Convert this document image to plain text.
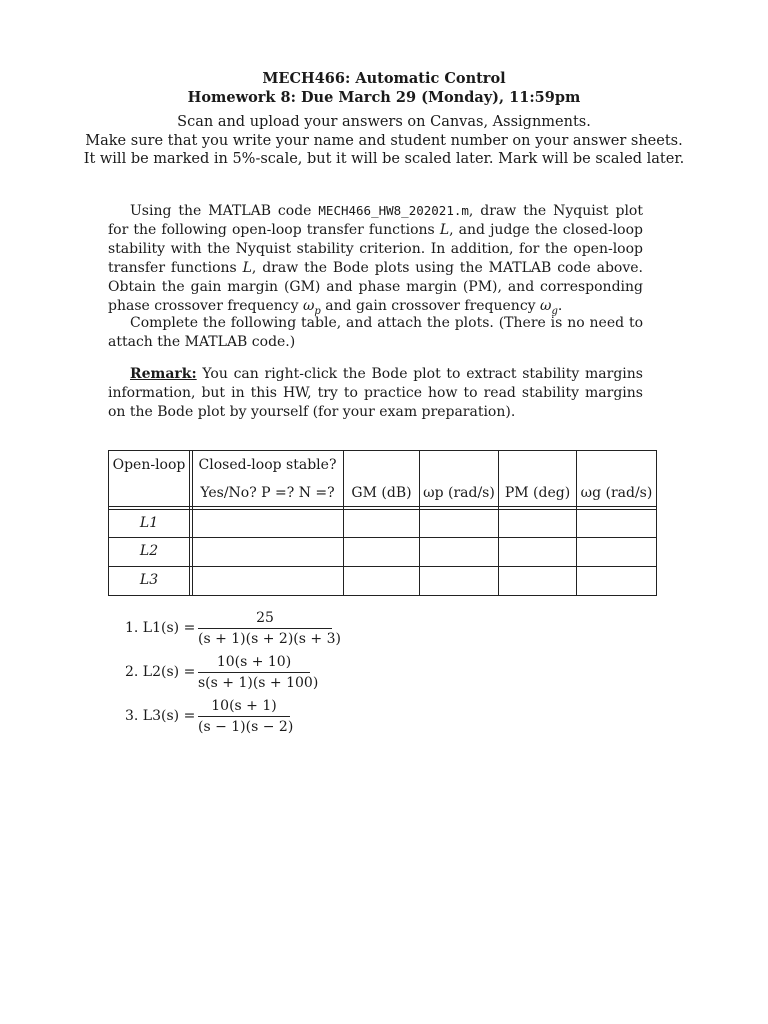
MECH466: Automatic Control
Homework 8: Due March 29 (Monday), 11:59pm
Scan and upload your answers on Canvas, Assignments.
Make sure that you write your name and student number on your answer sheets.
It will be marked in 5%-scale, but it will be scaled later. Mark will be scaled later.
Using the MATLAB code MECH466_HW8_202021.m, draw the Nyquist plot for the following open-loop transfer functions L, and judge the closed-loop stability with the Nyquist stability criterion. In addition, for the open-loop transfer functions L, draw the Bode plots using the MATLAB code above. Obtain the gain margin (GM) and phase margin (PM), and corresponding phase crossover frequency $\omega_p$ and gain crossover frequency $\omega_g$.
Complete the following table, and attach the plots. (There is no need to attach the MATLAB code.)
Remark: You can right-click the Bode plot to extract stability margins information, but in this HW, try to practice how to read stability margins on the Bode plot by yourself (for your exam preparation).
Open-loop Closed-loop stable?
Yes/No? P =? N =?	GM (dB) ωp (rad/s) PM (deg) ωg (rad/s)
L1
L2
L3
1. L1(s) =
25
(s + 1)(s + 2)(s + 3)
2. L2(s) =
10(s + 10)
s(s + 1)(s + 100)
3. L3(s) =
10(s + 1)
(s − 1)(s − 2)
